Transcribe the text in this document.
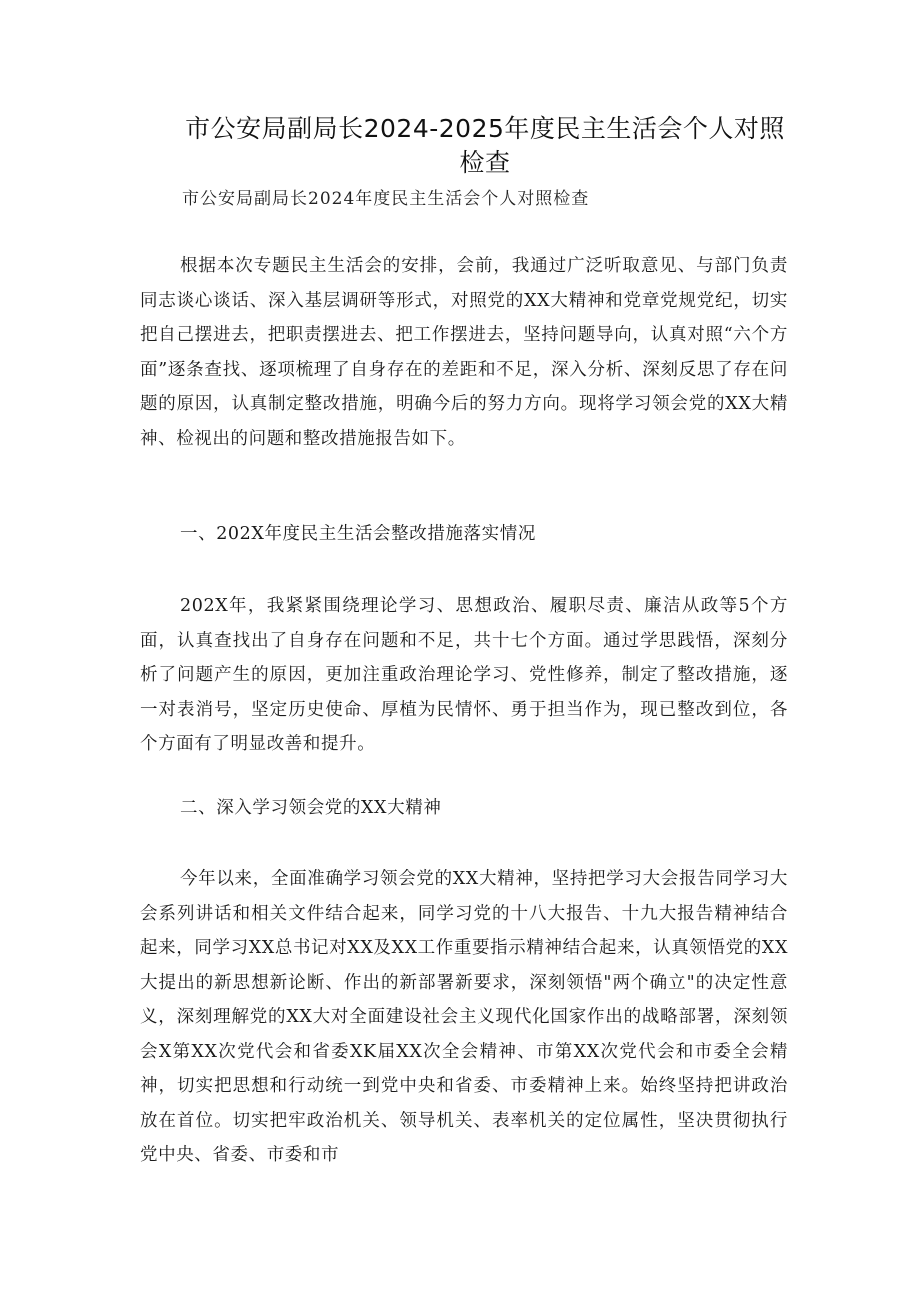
市公安局副局长2024-2025年度民主生活会个人对照检查
市公安局副局长2024年度民主生活会个人对照检查

根据本次专题民主生活会的安排，会前，我通过广泛听取意见、与部门负责同志谈心谈话、深入基层调研等形式，对照党的XX大精神和党章党规党纪，切实把自己摆进去，把职责摆进去、把工作摆进去，坚持问题导向，认真对照“六个方面”逐条查找、逐项梳理了自身存在的差距和不足，深入分析、深刻反思了存在问题的原因，认真制定整改措施，明确今后的努力方向。现将学习领会党的XX大精神、检视出的问题和整改措施报告如下。

一、202X年度民主生活会整改措施落实情况

202X年，我紧紧围绕理论学习、思想政治、履职尽责、廉洁从政等5个方面，认真查找出了自身存在问题和不足，共十七个方面。通过学思践悟，深刻分析了问题产生的原因，更加注重政治理论学习、党性修养，制定了整改措施，逐一对表消号，坚定历史使命、厚植为民情怀、勇于担当作为，现已整改到位，各个方面有了明显改善和提升。

二、深入学习领会党的XX大精神

今年以来，全面准确学习领会党的XX大精神，坚持把学习大会报告同学习大会系列讲话和相关文件结合起来，同学习党的十八大报告、十九大报告精神结合起来，同学习XX总书记对XX及XX工作重要指示精神结合起来，认真领悟党的XX大提出的新思想新论断、作出的新部署新要求，深刻领悟"两个确立"的决定性意义，深刻理解党的XX大对全面建设社会主义现代化国家作出的战略部署，深刻领会X第XX次党代会和省委XK届XX次全会精神、市第XX次党代会和市委全会精神，切实把思想和行动统一到党中央和省委、市委精神上来。始终坚持把讲政治放在首位。切实把牢政治机关、领导机关、表率机关的定位属性，坚决贯彻执行党中央、省委、市委和市
